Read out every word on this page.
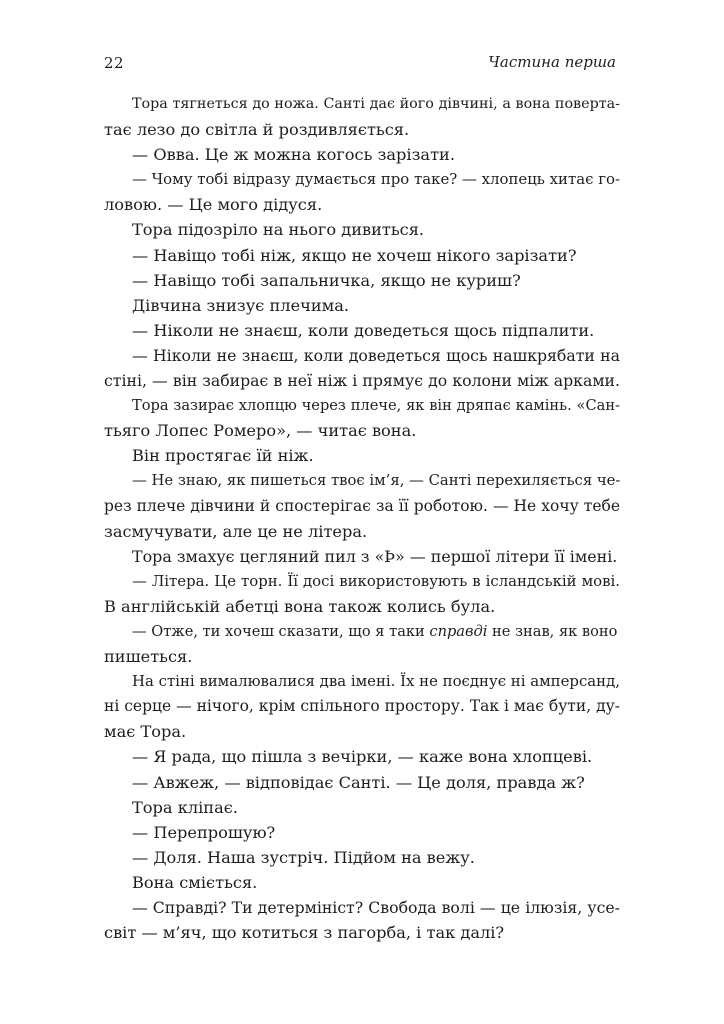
22	Частина перша
Тора тягнеться до ножа. Санті дає його дівчині, а вона поверта-
тає лезо до світла й роздивляється.
— Овва. Це ж можна когось зарізати.
— Чому тобі відразу думається про таке? — хлопець хитає го-
ловою. — Це мого дідуся.
Тора підозріло на нього дивиться.
— Навіщо тобі ніж, якщо не хочеш нікого зарізати?
— Навіщо тобі запальничка, якщо не куриш?
Дівчина знизує плечима.
— Ніколи не знаєш, коли доведеться щось підпалити.
— Ніколи не знаєш, коли доведеться щось нашкрябати на
стіні, — він забирає в неї ніж і прямує до колони між арками.
Тора зазирає хлопцю через плече, як він дряпає камінь. «Сан-
тьяго Лопес Ромеро», — читає вона.
Він простягає їй ніж.
— Не знаю, як пишеться твоє ім’я, — Санті перехиляється че-
рез плече дівчини й спостерігає за її роботою. — Не хочу тебе
засмучувати, але це не літера.
Тора змахує цегляний пил з «Þ» — першої літери її імені.
— Літера. Це торн. Її досі використовують в ісландській мові.
В англійській абетці вона також колись була.
— Отже, ти хочеш сказати, що я таки справді не знав, як воно
пишеться.
На стіні вималювалися два імені. Їх не поєднує ні амперсанд,
ні серце — нічого, крім спільного простору. Так і має бути, ду-
має Тора.
— Я рада, що пішла з вечірки, — каже вона хлопцеві.
— Авжеж, — відповідає Санті. — Це доля, правда ж?
Тора кліпає.
— Перепрошую?
— Доля. Наша зустріч. Підйом на вежу.
Вона сміється.
— Справді? Ти детермініст? Свобода волі — це ілюзія, усе-
світ — м’яч, що котиться з пагорба, і так далі?
